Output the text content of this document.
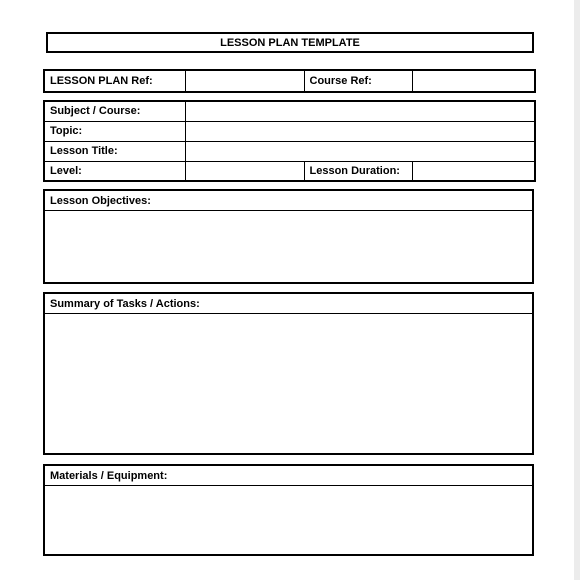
LESSON PLAN TEMPLATE
LESSON PLAN Ref:		Course Ref:	
Subject / Course:			
Topic:			
Lesson Title:			
Level:		Lesson Duration:	
Lesson Objectives:
Summary of Tasks / Actions:
Materials / Equipment:
